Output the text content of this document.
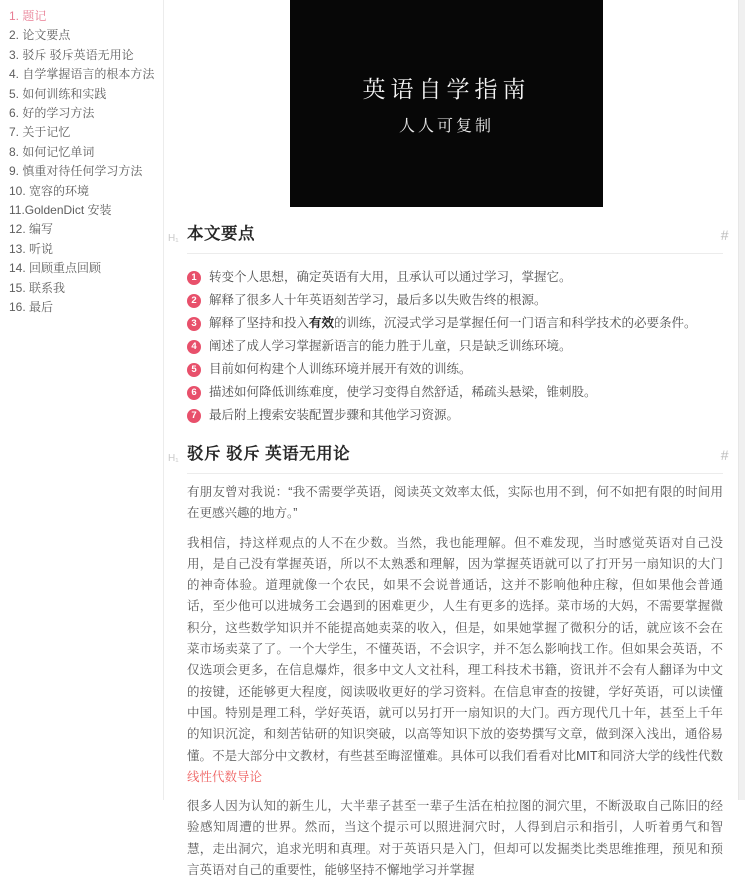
1. 题记
2. 论文要点
3. 驳斥 驳斥英语无用论
4. 自学掌握语言的根本方法
5. 如何训练和实践
6. 好的学习方法
7. 关于记忆
8. 如何记忆单词
9. 慎重对待任何学习方法
10. 宽容的环境
11.GoldenDict 安装
12. 编写
13. 听说
14. 回顾重点回顾
15. 联系我
16. 最后
英语自学指南
人人可复制
H₁ 本文要点	#
1 转变个人思想，确定英语有大用，且承认可以通过学习，掌握它。
2 解释了很多人十年英语刻苦学习，最后多以失败告终的根源。
3 解释了坚持和投入有效的训练，沉浸式学习是掌握任何一门语言和科学技术的必要条件。
4 阐述了成人学习掌握新语言的能力胜于儿童，只是缺乏训练环境。
5 目前如何构建个人训练环境并展开有效的训练。
6 描述如何降低训练难度，使学习变得自然舒适，稀疏头悬梁，锥刺股。
7 最后附上搜索安装配置步骤和其他学习资源。
H₁ 驳斥 驳斥 英语无用论	#

有朋友曾对我说：“我不需要学英语，阅读英文效率太低，实际也用不到，何不如把有限的时间用在更感兴趣的地方。”

我相信，持这样观点的人不在少数。当然，我也能理解。但不难发现，当时感觉英语对自己没用，是自己没有掌握英语，所以不太熟悉和理解，因为掌握英语就可以了打开另一扇知识的大门的神奇体验。道理就像一个农民，如果不会说普通话，这并不影响他种庄稼，但如果他会普通话，至少他可以进城务工会遇到的困难更少，人生有更多的选择。菜市场的大妈，不需要掌握微积分，这些数学知识并不能提高她卖菜的收入，但是，如果她掌握了微积分的话，就应该不会在菜市场卖菜了了。一个大学生，不懂英语，不会识字，并不怎么影响找工作。但如果会英语，不仅选项会更多，在信息爆炸，很多中文人文社科，理工科技术书籍，资讯并不会有人翻译为中文的按键，还能够更大程度，阅读吸收更好的学习资料。在信息审查的按键，学好英语，可以读懂中国。特别是理工科，学好英语，就可以另打开一扇知识的大门。西方现代几十年，甚至上千年的知识沉淀，和刻苦钻研的知识突破，以高等知识下放的姿势撰写文章，做到深入浅出，通俗易懂。不是大部分中文教材，有些甚至晦涩懂难。具体可以我们看看对比MIT和同济大学的线性代数线性代数导论

很多人因为认知的新生儿，大半辈子甚至一辈子生活在柏拉图的洞穴里，不断汲取自己陈旧的经验感知周遭的世界。然而，当这个提示可以照进洞穴时，人得到启示和指引，人听着勇气和智慧，走出洞穴，追求光明和真理。对于英语只是入门，但却可以发掘类比类思维推理，预见和预言英语对自己的重要性，能够坚持不懈地学习并掌握
